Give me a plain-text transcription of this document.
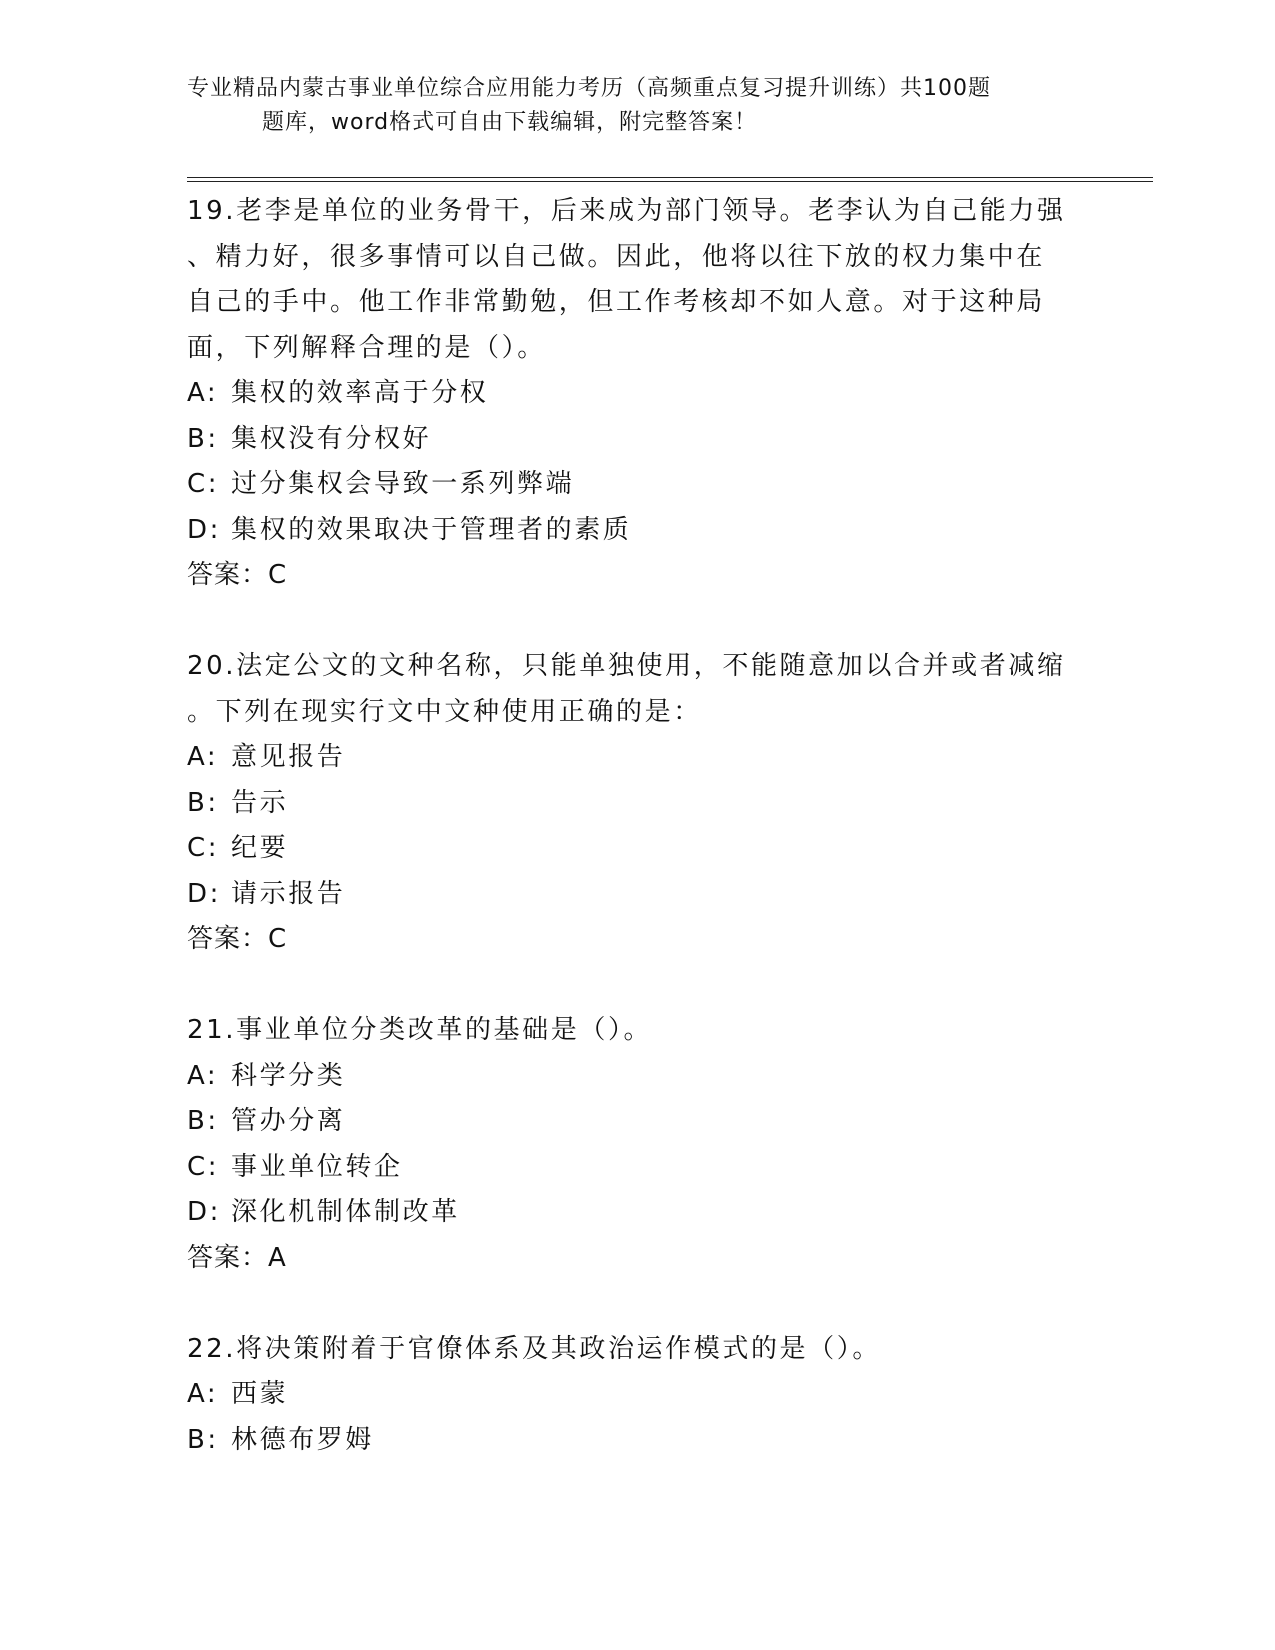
专业精品内蒙古事业单位综合应用能力考历（高频重点复习提升训练）共100题
题库，word格式可自由下载编辑，附完整答案！
19.老李是单位的业务骨干，后来成为部门领导。老李认为自己能力强
、精力好，很多事情可以自己做。因此，他将以往下放的权力集中在
自己的手中。他工作非常勤勉，但工作考核却不如人意。对于这种局
面，下列解释合理的是（）。
A: 集权的效率高于分权
B: 集权没有分权好
C: 过分集权会导致一系列弊端
D: 集权的效果取决于管理者的素质
答案：C
20.法定公文的文种名称，只能单独使用，不能随意加以合并或者减缩
。下列在现实行文中文种使用正确的是：
A: 意见报告
B: 告示
C: 纪要
D: 请示报告
答案：C
21.事业单位分类改革的基础是（）。
A: 科学分类
B: 管办分离
C: 事业单位转企
D: 深化机制体制改革
答案：A
22.将决策附着于官僚体系及其政治运作模式的是（）。
A: 西蒙
B: 林德布罗姆
